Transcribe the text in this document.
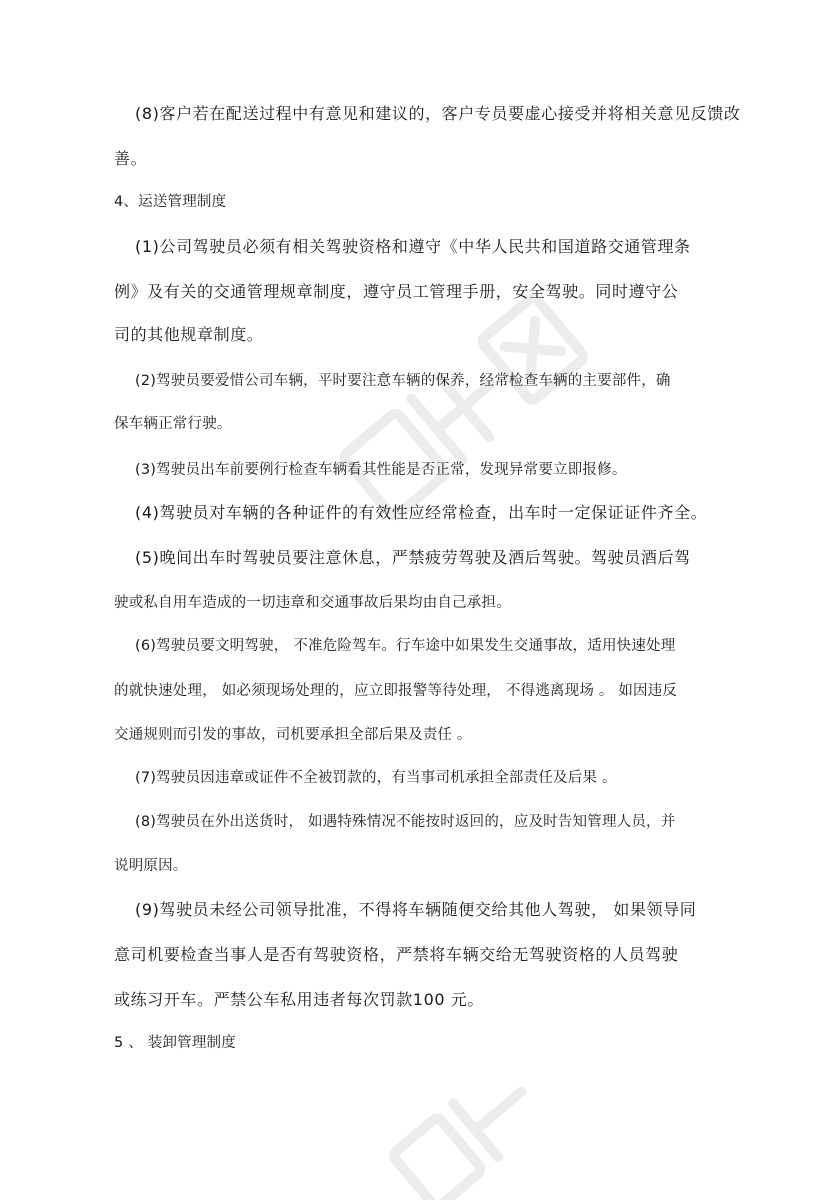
(8)客户若在配送过程中有意见和建议的，客户专员要虚心接受并将相关意见反馈改
善。
4、运送管理制度
(1)公司驾驶员必须有相关驾驶资格和遵守《中华人民共和国道路交通管理条
例》及有关的交通管理规章制度，遵守员工管理手册，安全驾驶。同时遵守公
司的其他规章制度。
(2)驾驶员要爱惜公司车辆，平时要注意车辆的保养，经常检查车辆的主要部件，确
保车辆正常行驶。
(3)驾驶员出车前要例行检查车辆看其性能是否正常，发现异常要立即报修。
(4)驾驶员对车辆的各种证件的有效性应经常检查，出车时一定保证证件齐全。
(5)晚间出车时驾驶员要注意休息，严禁疲劳驾驶及酒后驾驶。驾驶员酒后驾
驶或私自用车造成的一切违章和交通事故后果均由自己承担。
(6)驾驶员要文明驾驶， 不准危险驾车。行车途中如果发生交通事故，适用快速处理
的就快速处理， 如必须现场处理的，应立即报警等待处理， 不得逃离现场 。 如因违反
交通规则而引发的事故，司机要承担全部后果及责任 。
(7)驾驶员因违章或证件不全被罚款的，有当事司机承担全部责任及后果 。
(8)驾驶员在外出送货时， 如遇特殊情况不能按时返回的，应及时告知管理人员，并
说明原因。
(9)驾驶员未经公司领导批准，不得将车辆随便交给其他人驾驶， 如果领导同
意司机要检查当事人是否有驾驶资格，严禁将车辆交给无驾驶资格的人员驾驶
或练习开车。严禁公车私用违者每次罚款100 元。
5 、 装卸管理制度
